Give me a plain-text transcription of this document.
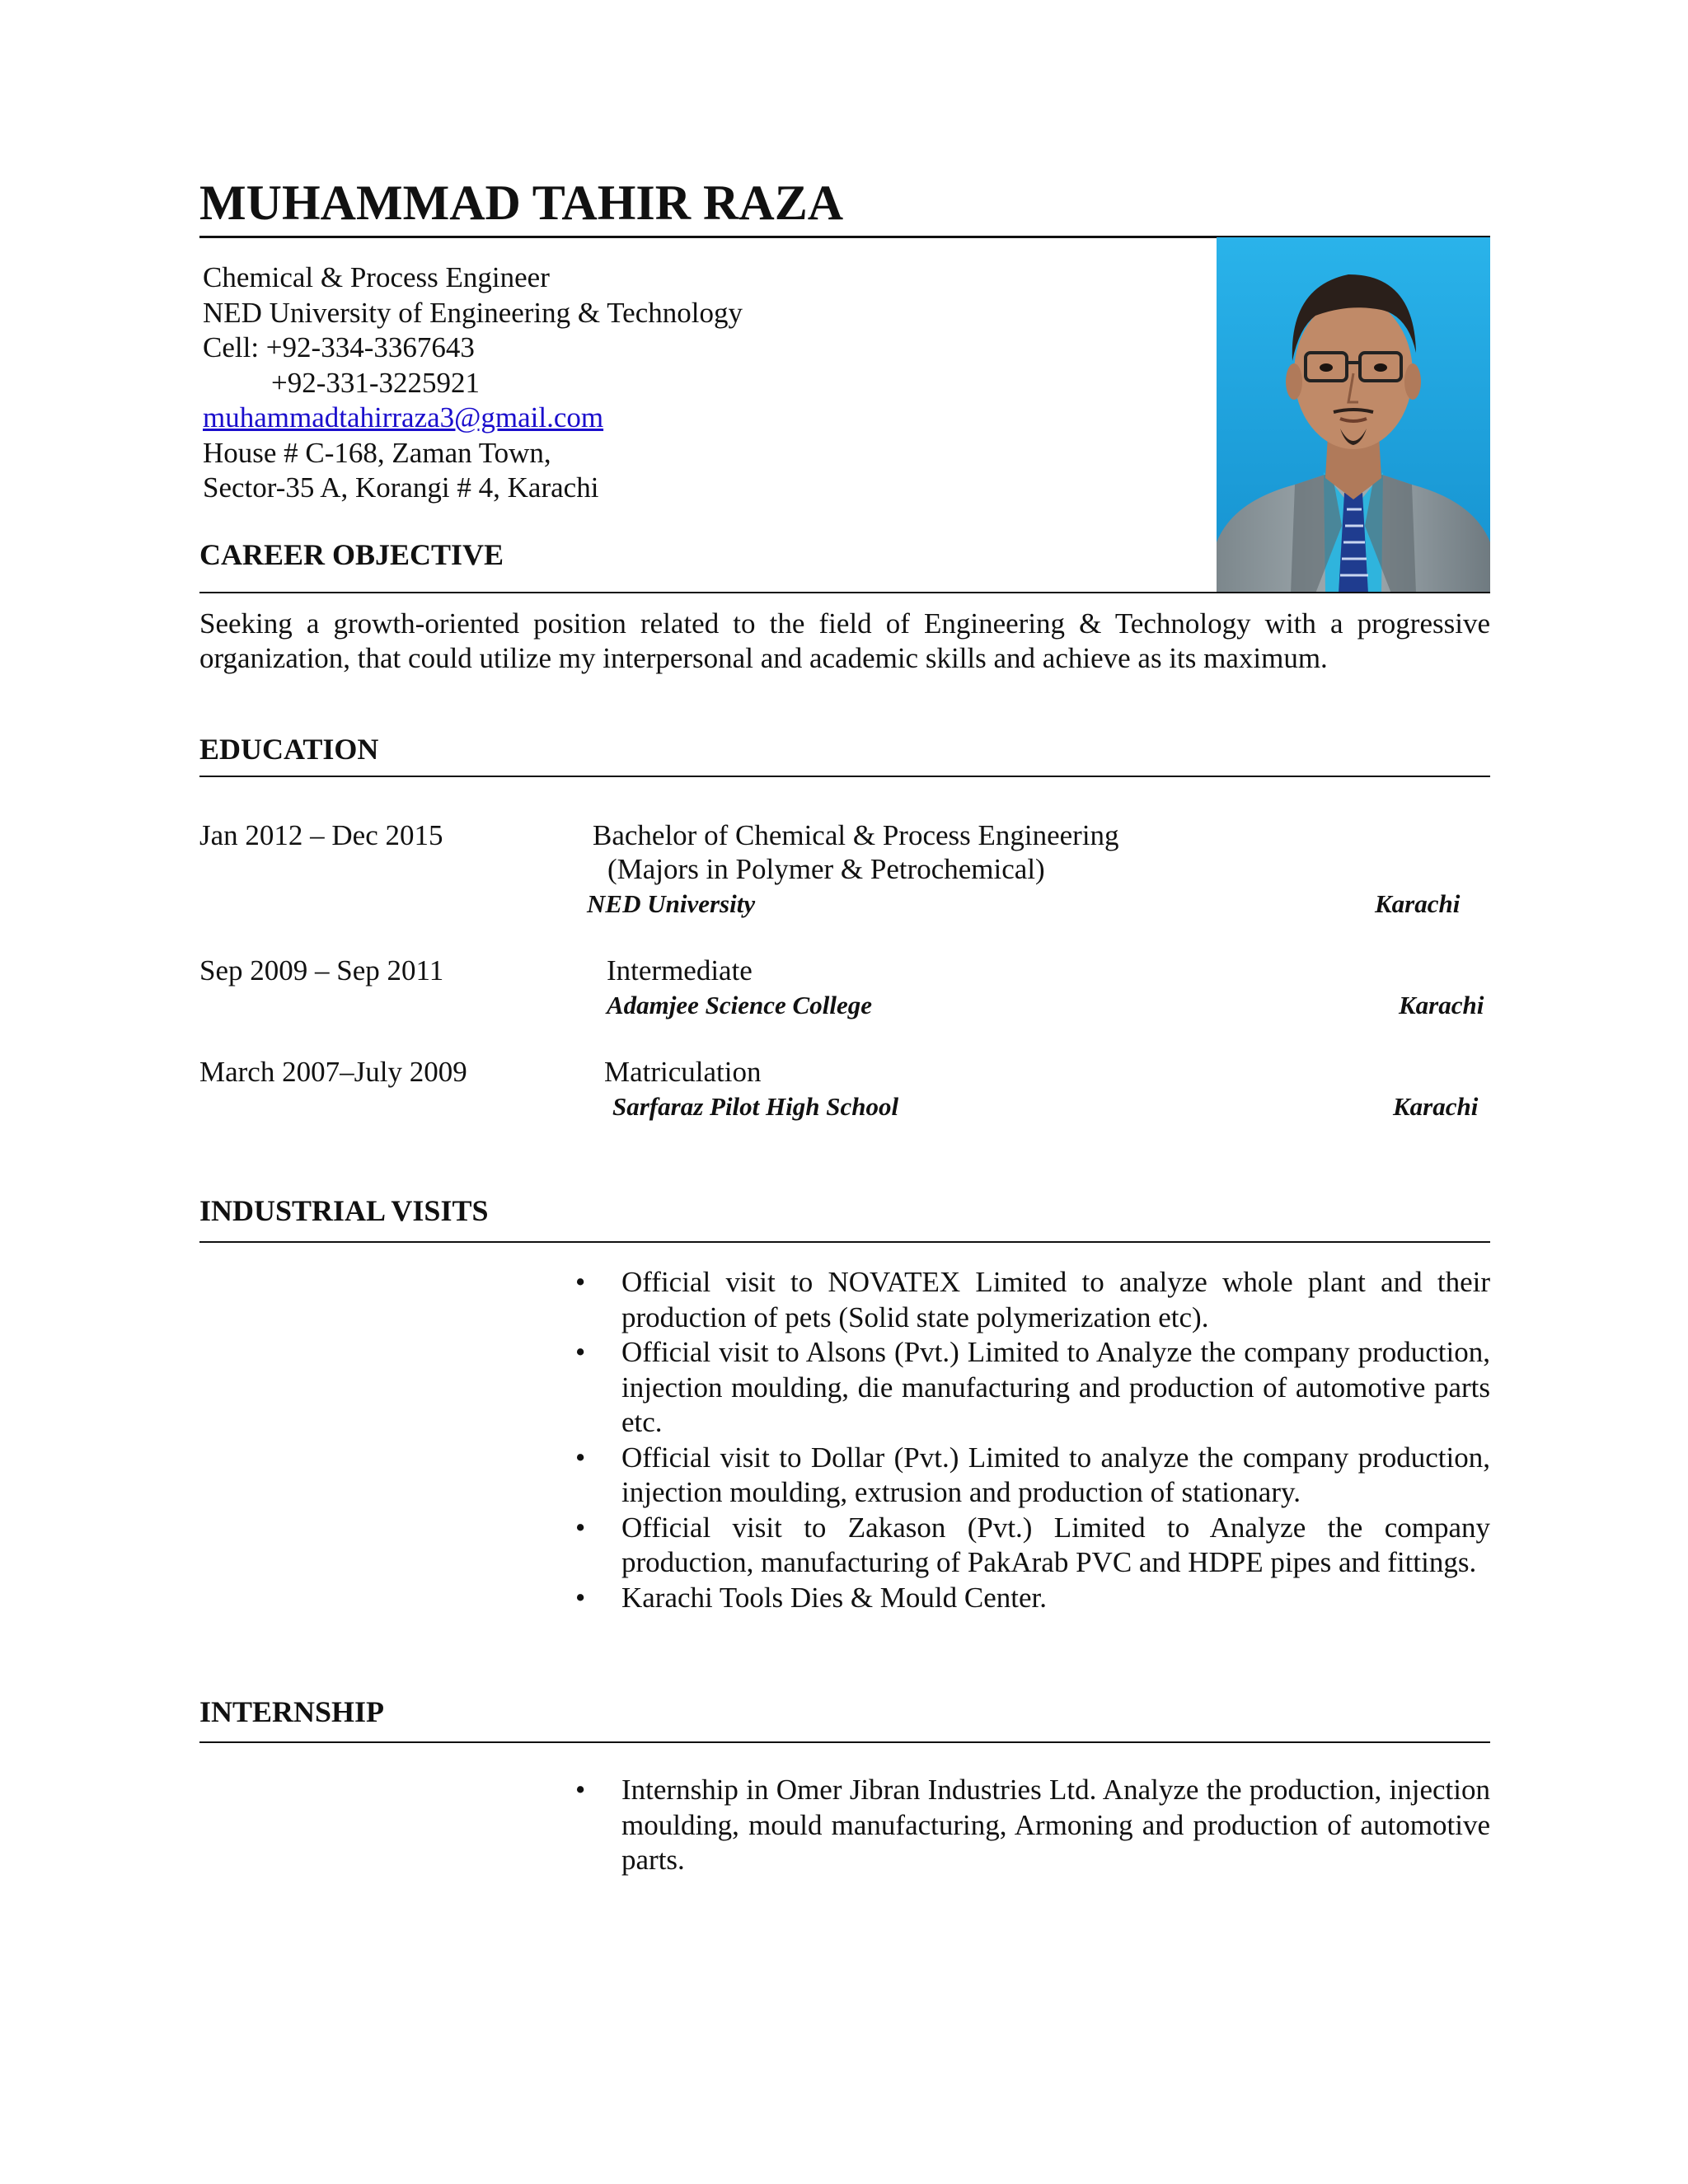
MUHAMMAD TAHIR RAZA
Chemical & Process Engineer
NED University of Engineering & Technology
Cell: +92-334-3367643
+92-331-3225921
muhammadtahirraza3@gmail.com
House # C-168, Zaman Town,
Sector-35 A, Korangi # 4, Karachi
CAREER OBJECTIVE
Seeking a growth-oriented position related to the field of Engineering & Technology with a progressive organization, that could utilize my interpersonal and academic skills and achieve as its maximum.
EDUCATION
Jan 2012 – Dec 2015	Bachelor of Chemical & Process Engineering
(Majors in Polymer & Petrochemical)
NED University	Karachi
Sep 2009 – Sep 2011	Intermediate
Adamjee Science College	Karachi
March 2007–July 2009	Matriculation
Sarfaraz Pilot High School	Karachi
INDUSTRIAL VISITS
• Official visit to NOVATEX Limited to analyze whole plant and their production of pets (Solid state polymerization etc).
• Official visit to Alsons (Pvt.) Limited to Analyze the company production, injection moulding, die manufacturing and production of automotive parts etc.
• Official visit to Dollar (Pvt.) Limited to analyze the company production, injection moulding, extrusion and production of stationary.
• Official visit to Zakason (Pvt.) Limited to Analyze the company production, manufacturing of PakArab PVC and HDPE pipes and fittings.
• Karachi Tools Dies & Mould Center.
INTERNSHIP
• Internship in Omer Jibran Industries Ltd. Analyze the production, injection moulding, mould manufacturing, Armoning and production of automotive parts.
